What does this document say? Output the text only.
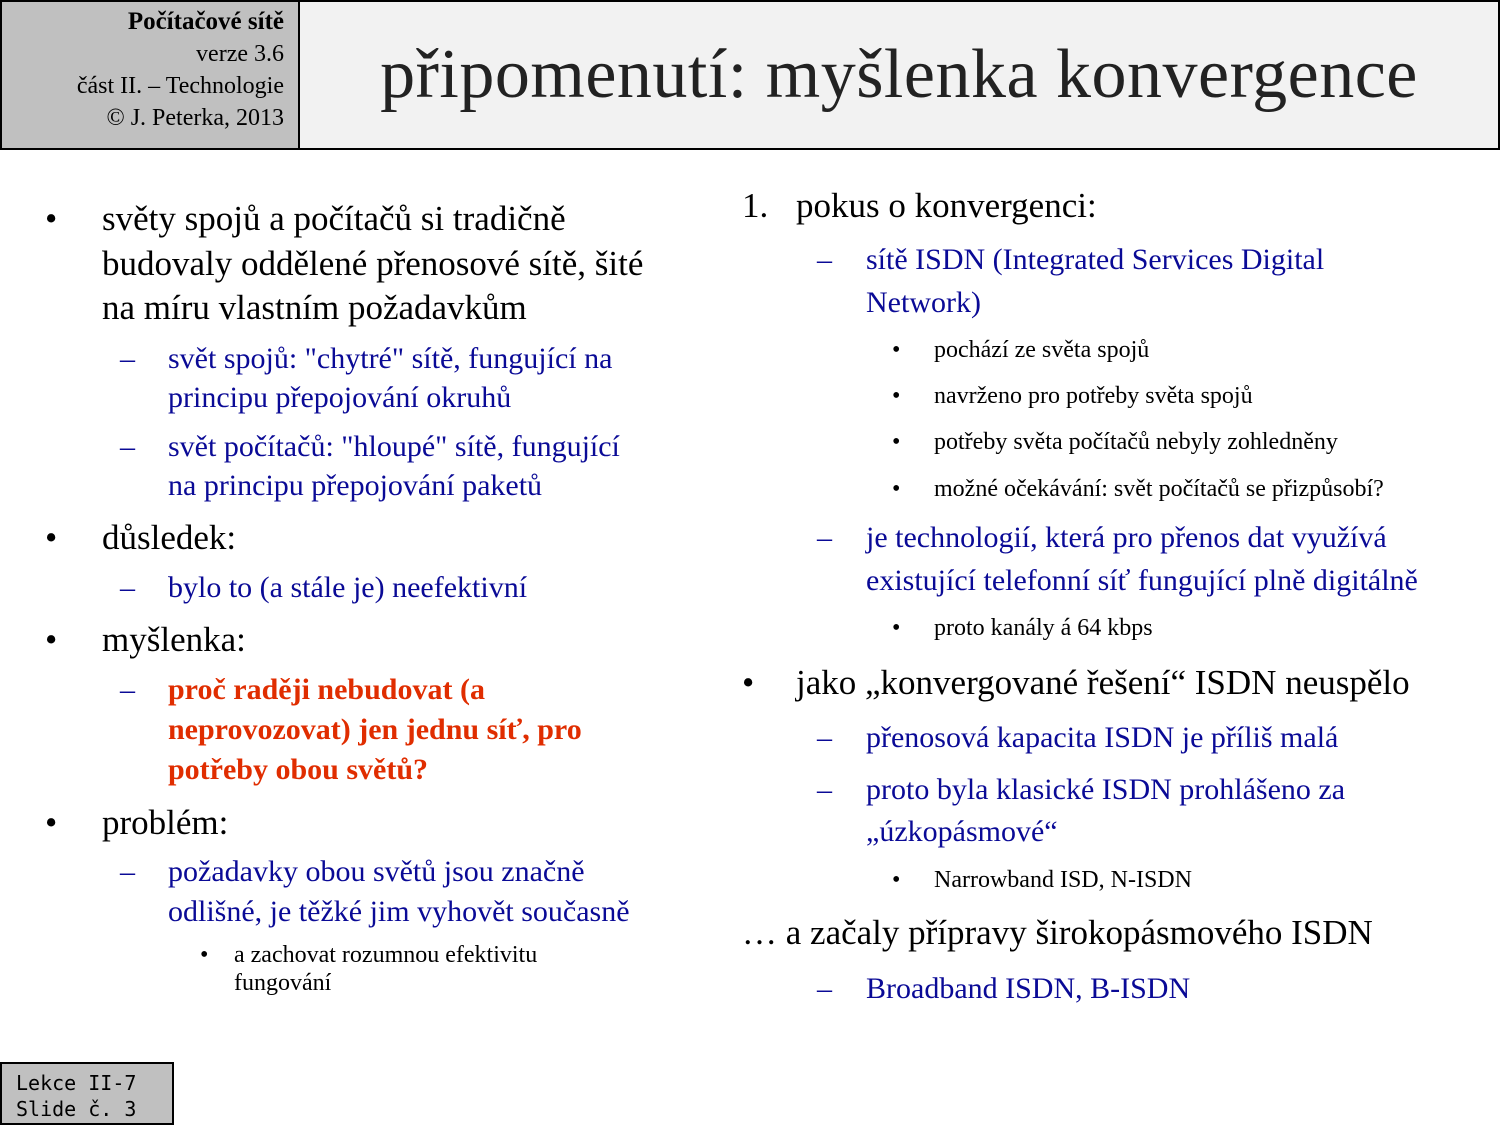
Počítačové sítě
verze 3.6
část II. – Technologie
© J. Peterka, 2013
připomenutí: myšlenka konvergence
• světy spojů a počítačů si tradičně
budovaly oddělené přenosové sítě, šité
na míru vlastním požadavkům
– svět spojů: "chytré" sítě, fungující na
principu přepojování okruhů
– svět počítačů: "hloupé" sítě, fungující
na principu přepojování paketů
• důsledek:
– bylo to (a stále je) neefektivní
• myšlenka:
– proč raději nebudovat (a
neprovozovat) jen jednu síť, pro
potřeby obou světů?
• problém:
– požadavky obou světů jsou značně
odlišné, je těžké jim vyhovět současně
• a zachovat rozumnou efektivitu
fungování
1. pokus o konvergenci:
– sítě ISDN (Integrated Services Digital
Network)
• pochází ze světa spojů
• navrženo pro potřeby světa spojů
• potřeby světa počítačů nebyly zohledněny
• možné očekávání: svět počítačů se přizpůsobí?
– je technologií, která pro přenos dat využívá
existující telefonní síť fungující plně digitálně
• proto kanály á 64 kbps
• jako „konvergované řešení“ ISDN neuspělo
– přenosová kapacita ISDN je příliš malá
– proto byla klasické ISDN prohlášeno za
„úzkopásmové“
• Narrowband ISD, N-ISDN
… a začaly přípravy širokopásmového ISDN
– Broadband ISDN, B-ISDN
Lekce II-7
Slide č. 3
